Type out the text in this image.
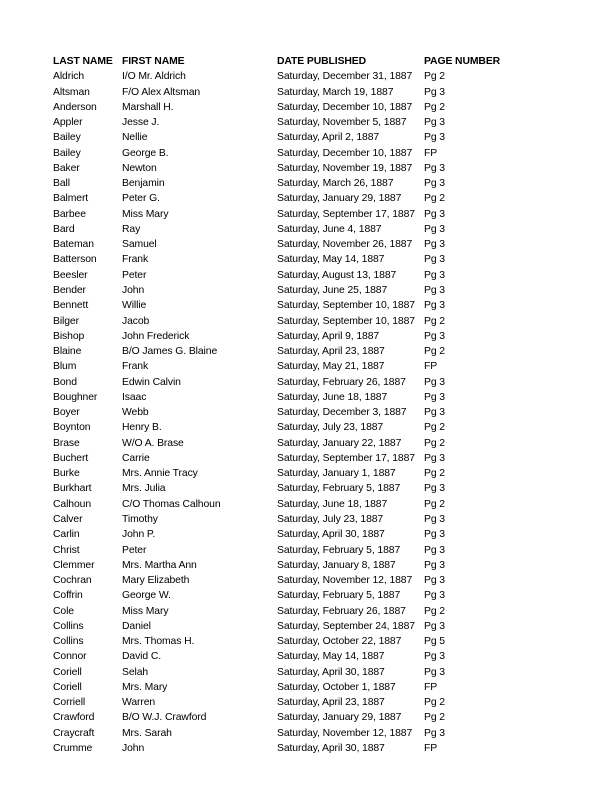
LAST NAME	FIRST NAME	DATE PUBLISHED	PAGE NUMBER
Aldrich	I/O Mr. Aldrich	Saturday, December 31, 1887	Pg 2
Altsman	F/O Alex Altsman	Saturday, March 19, 1887	Pg 3
Anderson	Marshall H.	Saturday, December 10, 1887	Pg 2
Appler	Jesse J.	Saturday, November 5, 1887	Pg 3
Bailey	Nellie	Saturday, April 2, 1887	Pg 3
Bailey	George B.	Saturday, December 10, 1887	FP
Baker	Newton	Saturday, November 19, 1887	Pg 3
Ball	Benjamin	Saturday, March 26, 1887	Pg 3
Balmert	Peter G.	Saturday, January 29, 1887	Pg 2
Barbee	Miss Mary	Saturday, September 17, 1887	Pg 3
Bard	Ray	Saturday, June 4, 1887	Pg 3
Bateman	Samuel	Saturday, November 26, 1887	Pg 3
Batterson	Frank	Saturday, May 14, 1887	Pg 3
Beesler	Peter	Saturday, August 13, 1887	Pg 3
Bender	John	Saturday, June 25, 1887	Pg 3
Bennett	Willie	Saturday, September 10, 1887	Pg 3
Bilger	Jacob	Saturday, September 10, 1887	Pg 2
Bishop	John Frederick	Saturday, April 9, 1887	Pg 3
Blaine	B/O James G. Blaine	Saturday, April 23, 1887	Pg 2
Blum	Frank	Saturday, May 21, 1887	FP
Bond	Edwin Calvin	Saturday, February 26, 1887	Pg 3
Boughner	Isaac	Saturday, June 18, 1887	Pg 3
Boyer	Webb	Saturday, December 3, 1887	Pg 3
Boynton	Henry B.	Saturday, July 23, 1887	Pg 2
Brase	W/O A. Brase	Saturday, January 22, 1887	Pg 2
Buchert	Carrie	Saturday, September 17, 1887	Pg 3
Burke	Mrs. Annie Tracy	Saturday, January 1, 1887	Pg 2
Burkhart	Mrs. Julia	Saturday, February 5, 1887	Pg 3
Calhoun	C/O Thomas Calhoun	Saturday, June 18, 1887	Pg 2
Calver	Timothy	Saturday, July 23, 1887	Pg 3
Carlin	John P.	Saturday, April 30, 1887	Pg 3
Christ	Peter	Saturday, February 5, 1887	Pg 3
Clemmer	Mrs. Martha Ann	Saturday, January 8, 1887	Pg 3
Cochran	Mary Elizabeth	Saturday, November 12, 1887	Pg 3
Coffrin	George W.	Saturday, February 5, 1887	Pg 3
Cole	Miss Mary	Saturday, February 26, 1887	Pg 2
Collins	Daniel	Saturday, September 24, 1887	Pg 3
Collins	Mrs. Thomas H.	Saturday, October 22, 1887	Pg 5
Connor	David C.	Saturday, May 14, 1887	Pg 3
Coriell	Selah	Saturday, April 30, 1887	Pg 3
Coriell	Mrs. Mary	Saturday, October 1, 1887	FP
Corriell	Warren	Saturday, April 23, 1887	Pg 2
Crawford	B/O W.J. Crawford	Saturday, January 29, 1887	Pg 2
Craycraft	Mrs. Sarah	Saturday, November 12, 1887	Pg 3
Crumme	John	Saturday, April 30, 1887	FP
